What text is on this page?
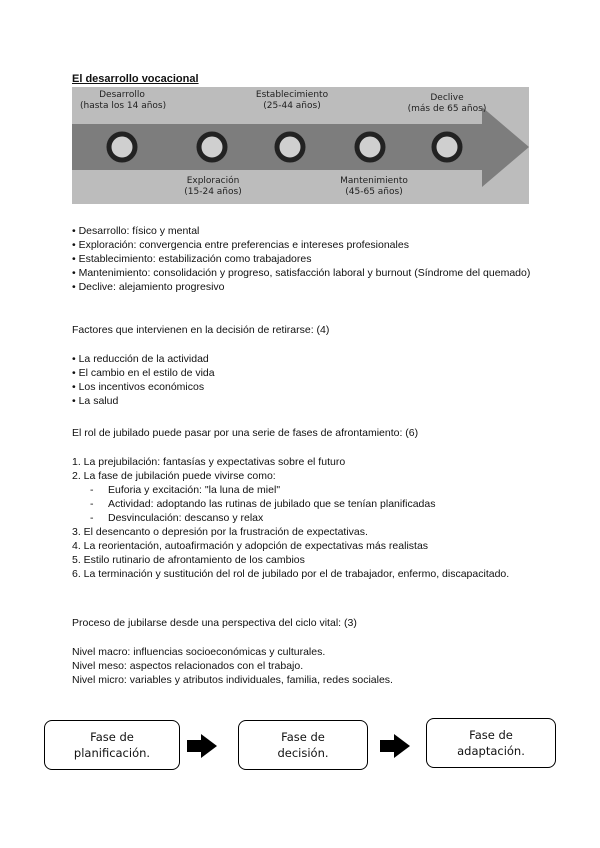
El desarrollo vocacional
Desarrollo
(hasta los 14 años)
Establecimiento
(25-44 años)
Declive
(más de 65 años)
Exploración
(15-24 años)
Mantenimiento
(45-65 años)

• Desarrollo: físico y mental

• Exploración: convergencia entre preferencias e intereses profesionales

• Establecimiento: estabilización como trabajadores

• Mantenimiento: consolidación y progreso, satisfacción laboral y burnout (Síndrome del quemado)

• Declive: alejamiento progresivo

Factores que intervienen en la decisión de retirarse: (4)

• La reducción de la actividad

• El cambio en el estilo de vida

• Los incentivos económicos

• La salud

El rol de jubilado puede pasar por una serie de fases de afrontamiento: (6)

1. La prejubilación: fantasías y expectativas sobre el futuro

2. La fase de jubilación puede vivirse como:

- Euforia y excitación: "la luna de miel"
- Actividad: adoptando las rutinas de jubilado que se tenían planificadas
- Desvinculación: descanso y relax

3. El desencanto o depresión por la frustración de expectativas.

4. La reorientación, autoafirmación y adopción de expectativas más realistas

5. Estilo rutinario de afrontamiento de los cambios

6. La terminación y sustitución del rol de jubilado por el de trabajador, enfermo, discapacitado.

Proceso de jubilarse desde una perspectiva del ciclo vital: (3)

Nivel macro: influencias socioeconómicas y culturales.

Nivel meso: aspectos relacionados con el trabajo.

Nivel micro: variables y atributos individuales, familia, redes sociales.

Fase de planificación.
Fase de decisión.
Fase de adaptación.
